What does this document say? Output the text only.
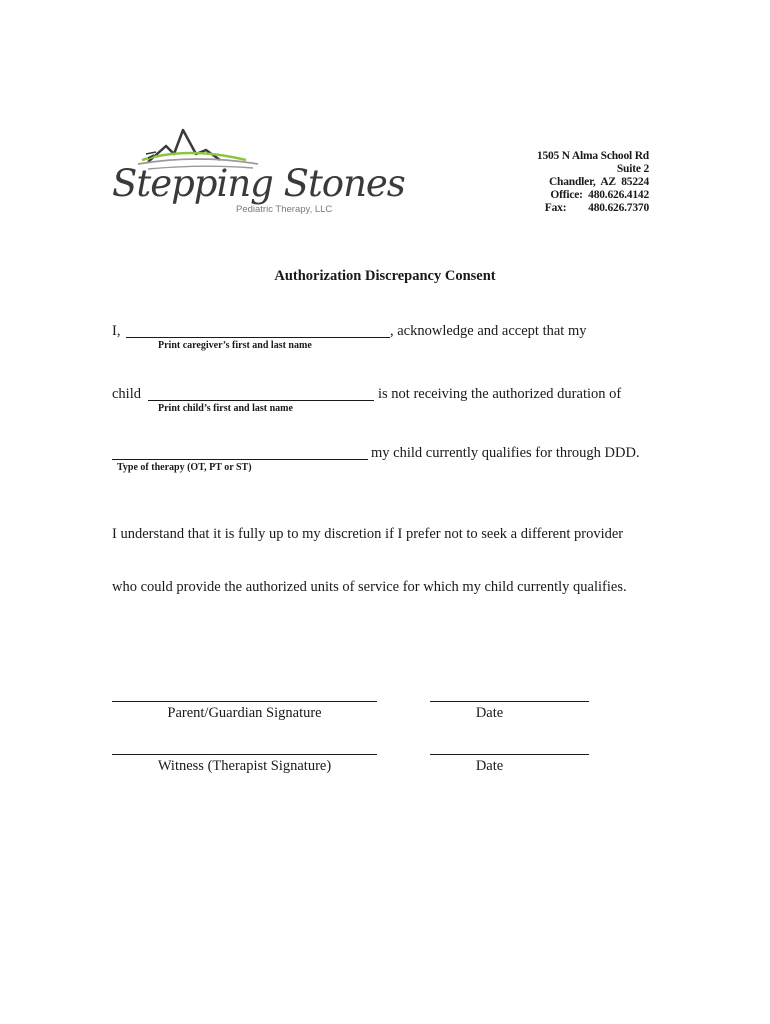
Stepping Stones
Pediatric Therapy, LLC
1505 N Alma School Rd
Suite 2
Chandler,  AZ  85224
Office: 480.626.4142
Fax: 480.626.7370
Authorization Discrepancy Consent
I,	, acknowledge and accept that my
Print caregiver’s first and last name
child	is not receiving the authorized duration of
Print child’s first and last name
my child currently qualifies for through DDD.
Type of therapy (OT, PT or ST)
I understand that it is fully up to my discretion if I prefer not to seek a different provider
who could provide the authorized units of service for which my child currently qualifies.
Parent/Guardian Signature	Date
Witness (Therapist Signature)	Date
